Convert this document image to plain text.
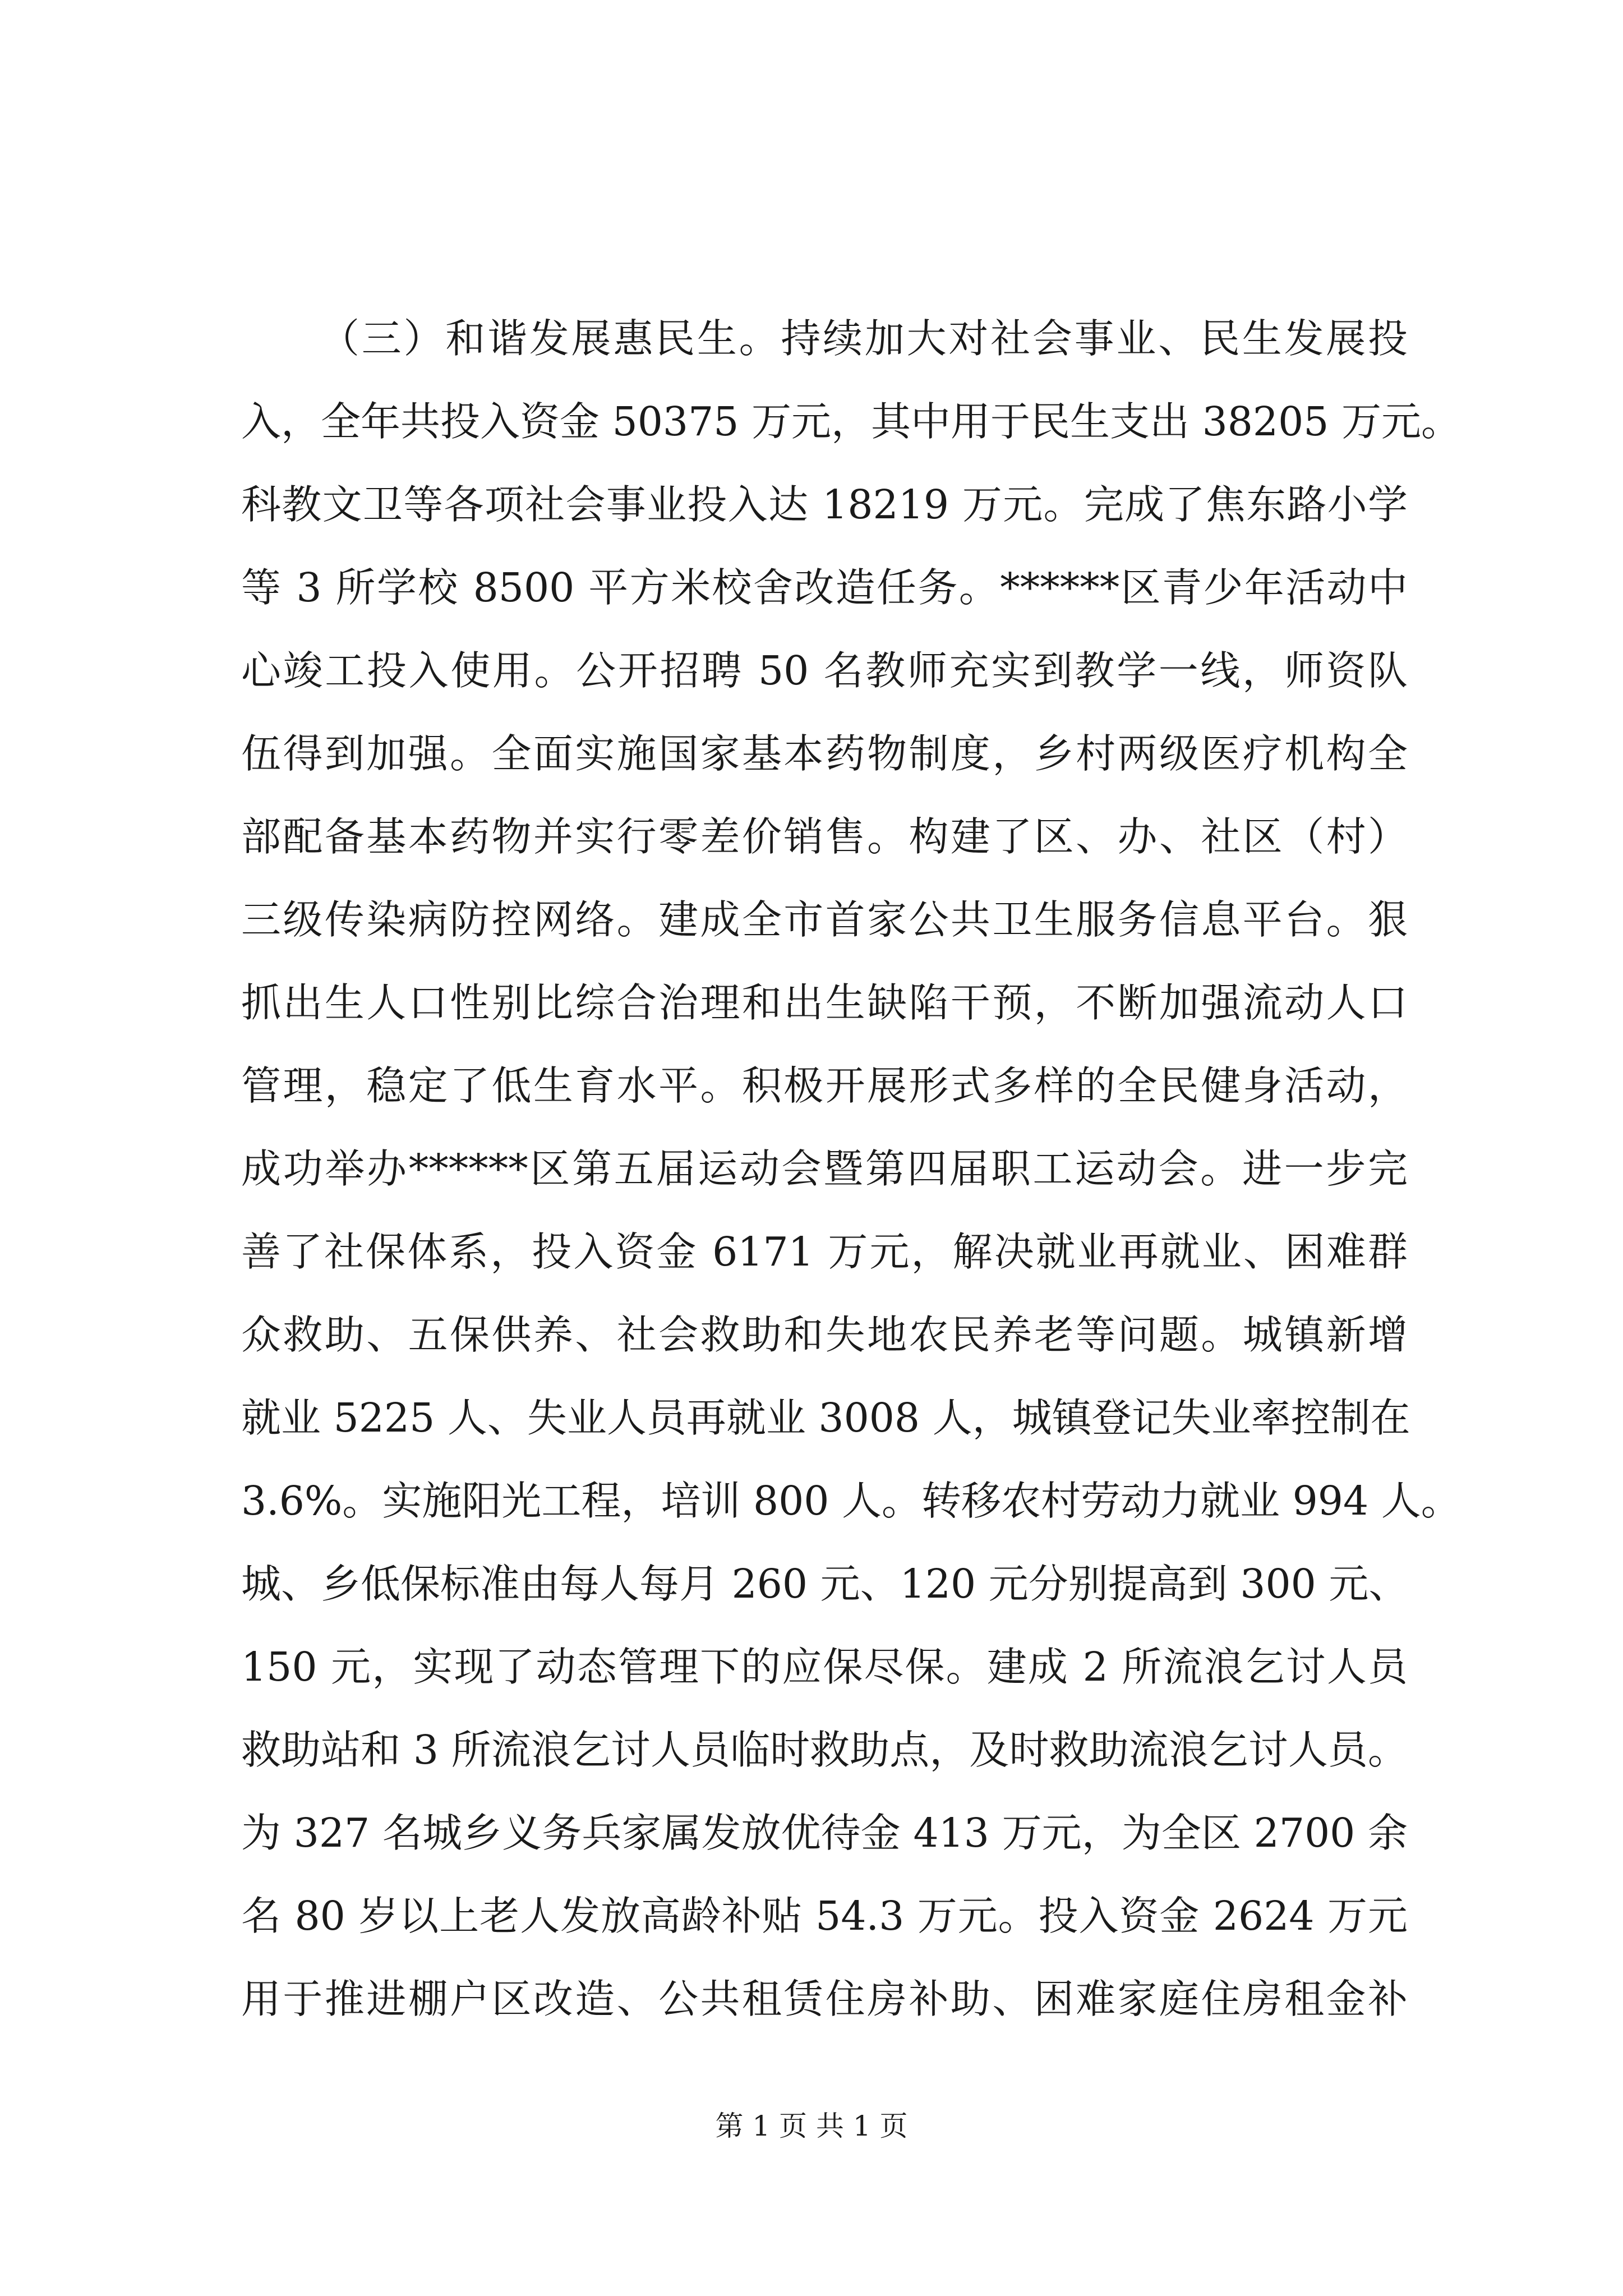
（三）和谐发展惠民生。持续加大对社会事业、民生发展投
入，全年共投入资金 50375 万元，其中用于民生支出 38205 万元。
科教文卫等各项社会事业投入达 18219 万元。完成了焦东路小学
等 3 所学校 8500 平方米校舍改造任务。******区青少年活动中
心竣工投入使用。公开招聘 50 名教师充实到教学一线，师资队
伍得到加强。全面实施国家基本药物制度，乡村两级医疗机构全
部配备基本药物并实行零差价销售。构建了区、办、社区（村）
三级传染病防控网络。建成全市首家公共卫生服务信息平台。狠
抓出生人口性别比综合治理和出生缺陷干预，不断加强流动人口
管理，稳定了低生育水平。积极开展形式多样的全民健身活动，
成功举办******区第五届运动会暨第四届职工运动会。进一步完
善了社保体系，投入资金 6171 万元，解决就业再就业、困难群
众救助、五保供养、社会救助和失地农民养老等问题。城镇新增
就业 5225 人、失业人员再就业 3008 人，城镇登记失业率控制在
3.6%。实施阳光工程，培训 800 人。转移农村劳动力就业 994 人。
城、乡低保标准由每人每月 260 元、120 元分别提高到 300 元、
150 元，实现了动态管理下的应保尽保。建成 2 所流浪乞讨人员
救助站和 3 所流浪乞讨人员临时救助点，及时救助流浪乞讨人员。
为 327 名城乡义务兵家属发放优待金 413 万元，为全区 2700 余
名 80 岁以上老人发放高龄补贴 54.3 万元。投入资金 2624 万元
用于推进棚户区改造、公共租赁住房补助、困难家庭住房租金补
第 1 页 共 1 页
